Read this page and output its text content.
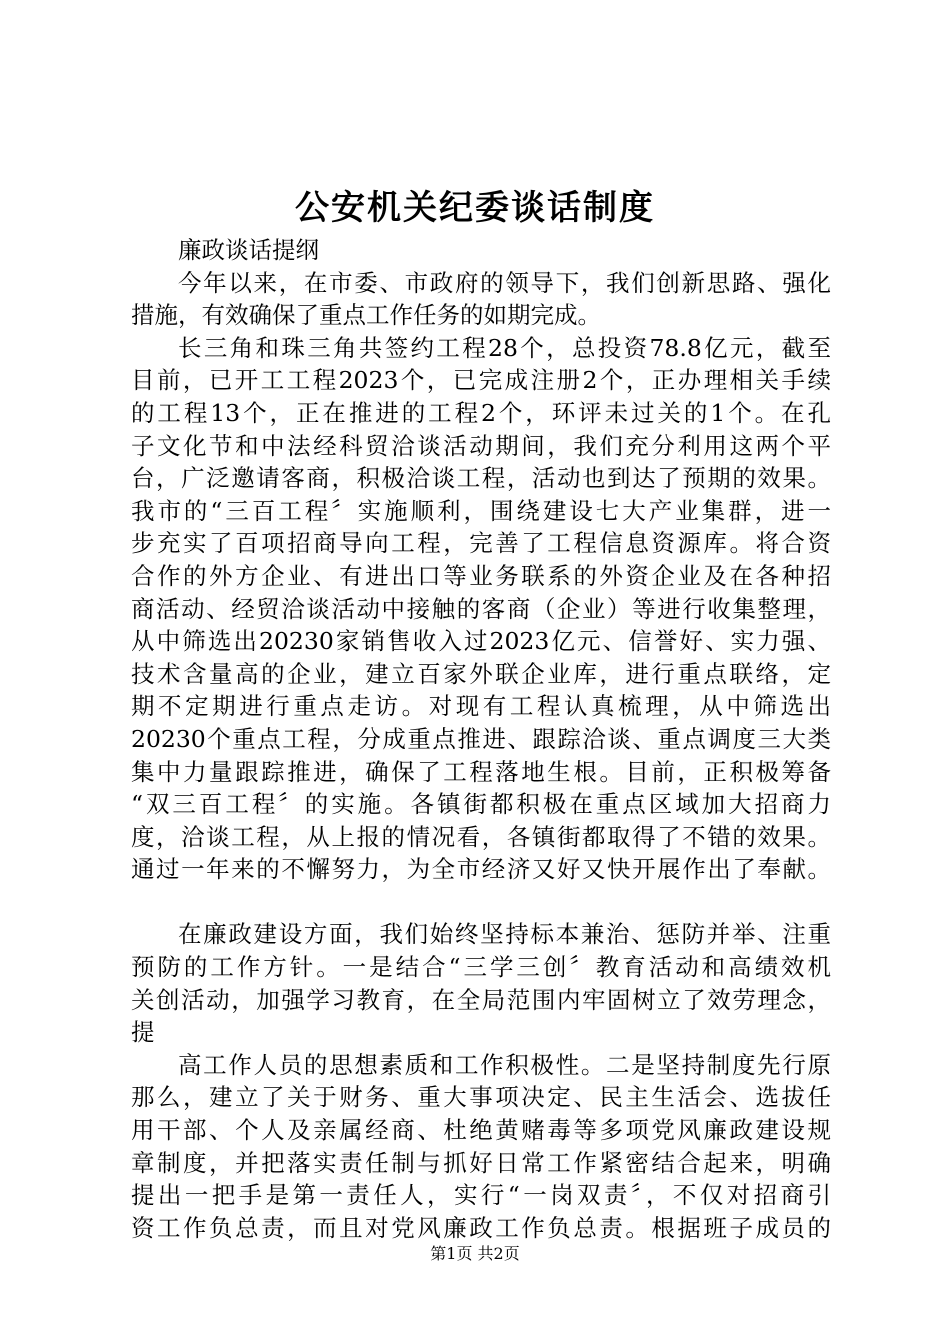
公安机关纪委谈话制度
廉政谈话提纲
今年以来，在市委、市政府的领导下，我们创新思路、强化
措施，有效确保了重点工作任务的如期完成。
长三角和珠三角共签约工程28个，总投资78.8亿元，截至
目前，已开工工程2023个，已完成注册2个，正办理相关手续
的工程13个，正在推进的工程2个，环评未过关的1个。在孔
子文化节和中法经科贸洽谈活动期间，我们充分利用这两个平
台，广泛邀请客商，积极洽谈工程，活动也到达了预期的效果。
我市的“三百工程〞实施顺利，围绕建设七大产业集群，进一
步充实了百项招商导向工程，完善了工程信息资源库。将合资
合作的外方企业、有进出口等业务联系的外资企业及在各种招
商活动、经贸洽谈活动中接触的客商（企业）等进行收集整理，
从中筛选出20230家销售收入过2023亿元、信誉好、实力强、
技术含量高的企业，建立百家外联企业库，进行重点联络，定
期不定期进行重点走访。对现有工程认真梳理，从中筛选出
20230个重点工程，分成重点推进、跟踪洽谈、重点调度三大类
集中力量跟踪推进，确保了工程落地生根。目前，正积极筹备
“双三百工程〞的实施。各镇街都积极在重点区域加大招商力
度，洽谈工程，从上报的情况看，各镇街都取得了不错的效果。
通过一年来的不懈努力，为全市经济又好又快开展作出了奉献。
在廉政建设方面，我们始终坚持标本兼治、惩防并举、注重
预防的工作方针。一是结合“三学三创〞教育活动和高绩效机
关创活动，加强学习教育，在全局范围内牢固树立了效劳理念，
提
高工作人员的思想素质和工作积极性。二是坚持制度先行原
那么，建立了关于财务、重大事项决定、民主生活会、选拔任
用干部、个人及亲属经商、杜绝黄赌毒等多项党风廉政建设规
章制度，并把落实责任制与抓好日常工作紧密结合起来，明确
提出一把手是第一责任人，实行“一岗双责〞，不仅对招商引
资工作负总责，而且对党风廉政工作负总责。根据班子成员的
第1页 共2页
